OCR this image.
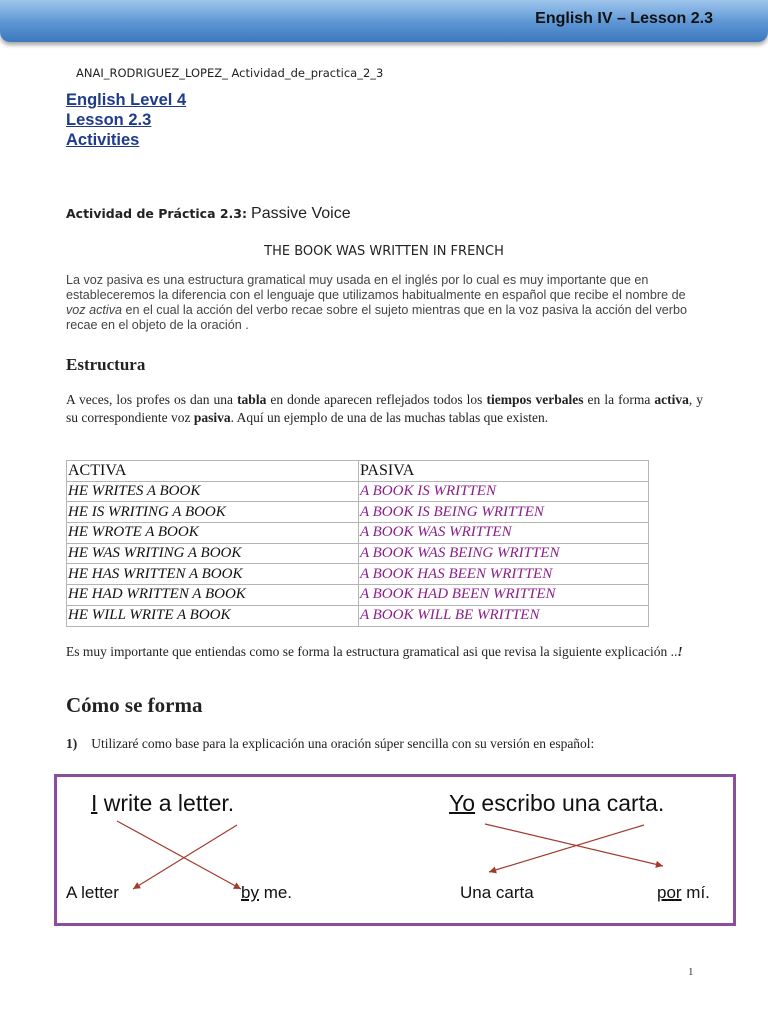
English IV – Lesson 2.3
ANAI_RODRIGUEZ_LOPEZ_ Actividad_de_practica_2_3
English Level 4
Lesson 2.3
Activities
Actividad de Práctica 2.3: Passive Voice
THE BOOK WAS WRITTEN IN FRENCH
La voz pasiva es una estructura gramatical muy usada en el inglés por lo cual es muy importante que en estableceremos la diferencia con el lenguaje que utilizamos habitualmente en español que recibe el nombre de voz activa en el cual la acción del verbo recae sobre el sujeto mientras que en la voz pasiva la acción del verbo recae en el objeto de la oración .
Estructura
A veces, los profes os dan una tabla en donde aparecen reflejados todos los tiempos verbales en la forma activa, y su correspondiente voz pasiva. Aquí un ejemplo de una de las muchas tablas que existen.
ACTIVA	PASIVA
HE WRITES A BOOK	A BOOK IS WRITTEN
HE IS WRITING A BOOK	A BOOK IS BEING WRITTEN
HE WROTE A BOOK	A BOOK WAS WRITTEN
HE WAS WRITING A BOOK	A BOOK WAS BEING WRITTEN
HE HAS WRITTEN A BOOK	A BOOK HAS BEEN WRITTEN
HE HAD WRITTEN A BOOK	A BOOK HAD BEEN WRITTEN
HE WILL WRITE A BOOK	A BOOK WILL BE WRITTEN
Es muy importante que entiendas como se forma la estructura gramatical asi que revisa la siguiente explicación ..!
Cómo se forma
1) Utilizaré como base para la explicación una oración súper sencilla con su versión en español:
I write a letter.	Yo escribo una carta.
A letter	by me.	Una carta	por mí.
1
